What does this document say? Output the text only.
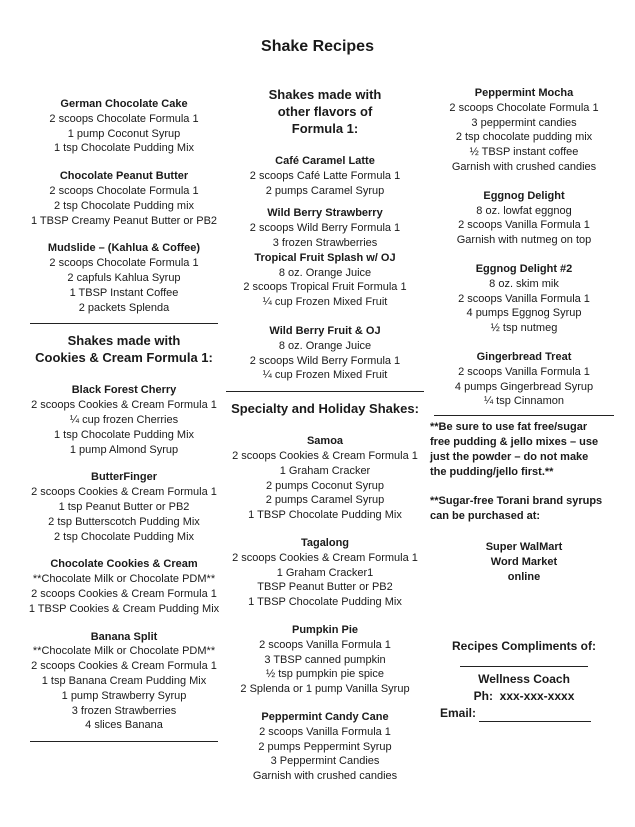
Shake Recipes
German Chocolate Cake
2 scoops Chocolate Formula 1
1 pump Coconut Syrup
1 tsp Chocolate Pudding Mix
Chocolate Peanut Butter
2 scoops Chocolate Formula 1
2 tsp Chocolate Pudding mix
1 TBSP Creamy Peanut Butter or PB2
Mudslide – (Kahlua & Coffee)
2 scoops Chocolate Formula 1
2 capfuls Kahlua Syrup
1 TBSP Instant Coffee
2 packets Splenda
Shakes made with
Cookies & Cream Formula 1:
Black Forest Cherry
2 scoops Cookies & Cream Formula 1
¼ cup frozen Cherries
1 tsp Chocolate Pudding Mix
1 pump Almond Syrup
ButterFinger
2 scoops Cookies & Cream Formula 1
1 tsp Peanut Butter or PB2
2 tsp Butterscotch Pudding Mix
2 tsp Chocolate Pudding Mix
Chocolate Cookies & Cream
**Chocolate Milk or Chocolate PDM**
2 scoops Cookies & Cream Formula 1
1 TBSP Cookies & Cream Pudding Mix
Banana Split
**Chocolate Milk or Chocolate PDM**
2 scoops Cookies & Cream Formula 1
1 tsp Banana Cream Pudding Mix
1 pump Strawberry Syrup
3 frozen Strawberries
4 slices Banana
Shakes made with
other flavors of
Formula 1:
Café Caramel Latte
2 scoops Café Latte Formula 1
2 pumps Caramel Syrup
Wild Berry Strawberry
2 scoops Wild Berry Formula 1
3 frozen Strawberries
Tropical Fruit Splash w/ OJ
8 oz. Orange Juice
2 scoops Tropical Fruit Formula 1
¼ cup Frozen Mixed Fruit
Wild Berry Fruit & OJ
8 oz. Orange Juice
2 scoops Wild Berry Formula 1
¼ cup Frozen Mixed Fruit
Specialty and Holiday Shakes:
Samoa
2 scoops Cookies & Cream Formula 1
1 Graham Cracker
2 pumps Coconut Syrup
2 pumps Caramel Syrup
1 TBSP Chocolate Pudding Mix
Tagalong
2 scoops Cookies & Cream Formula 1
1 Graham Cracker1
TBSP Peanut Butter or PB2
1 TBSP Chocolate Pudding Mix
Pumpkin Pie
2 scoops Vanilla Formula 1
3 TBSP canned pumpkin
½ tsp pumpkin pie spice
2 Splenda or 1 pump Vanilla Syrup
Peppermint Candy Cane
2 scoops Vanilla Formula 1
2 pumps Peppermint Syrup
3 Peppermint Candies
Garnish with crushed candies
Peppermint Mocha
2 scoops Chocolate Formula 1
3 peppermint candies
2 tsp chocolate pudding mix
½ TBSP instant coffee
Garnish with crushed candies
Eggnog Delight
8 oz. lowfat eggnog
2 scoops Vanilla Formula 1
Garnish with nutmeg on top
Eggnog Delight #2
8 oz. skim mik
2 scoops Vanilla Formula 1
4 pumps Eggnog Syrup
½ tsp nutmeg
Gingerbread Treat
2 scoops Vanilla Formula 1
4 pumps Gingerbread Syrup
¼ tsp Cinnamon
**Be sure to use fat free/sugar
free pudding & jello mixes – use
just the powder – do not make
the pudding/jello first.**
**Sugar-free Torani brand syrups
can be purchased at:
Super WalMart
Word Market
online
Recipes Compliments of:
Wellness Coach
Ph: xxx-xxx-xxxx
Email:
